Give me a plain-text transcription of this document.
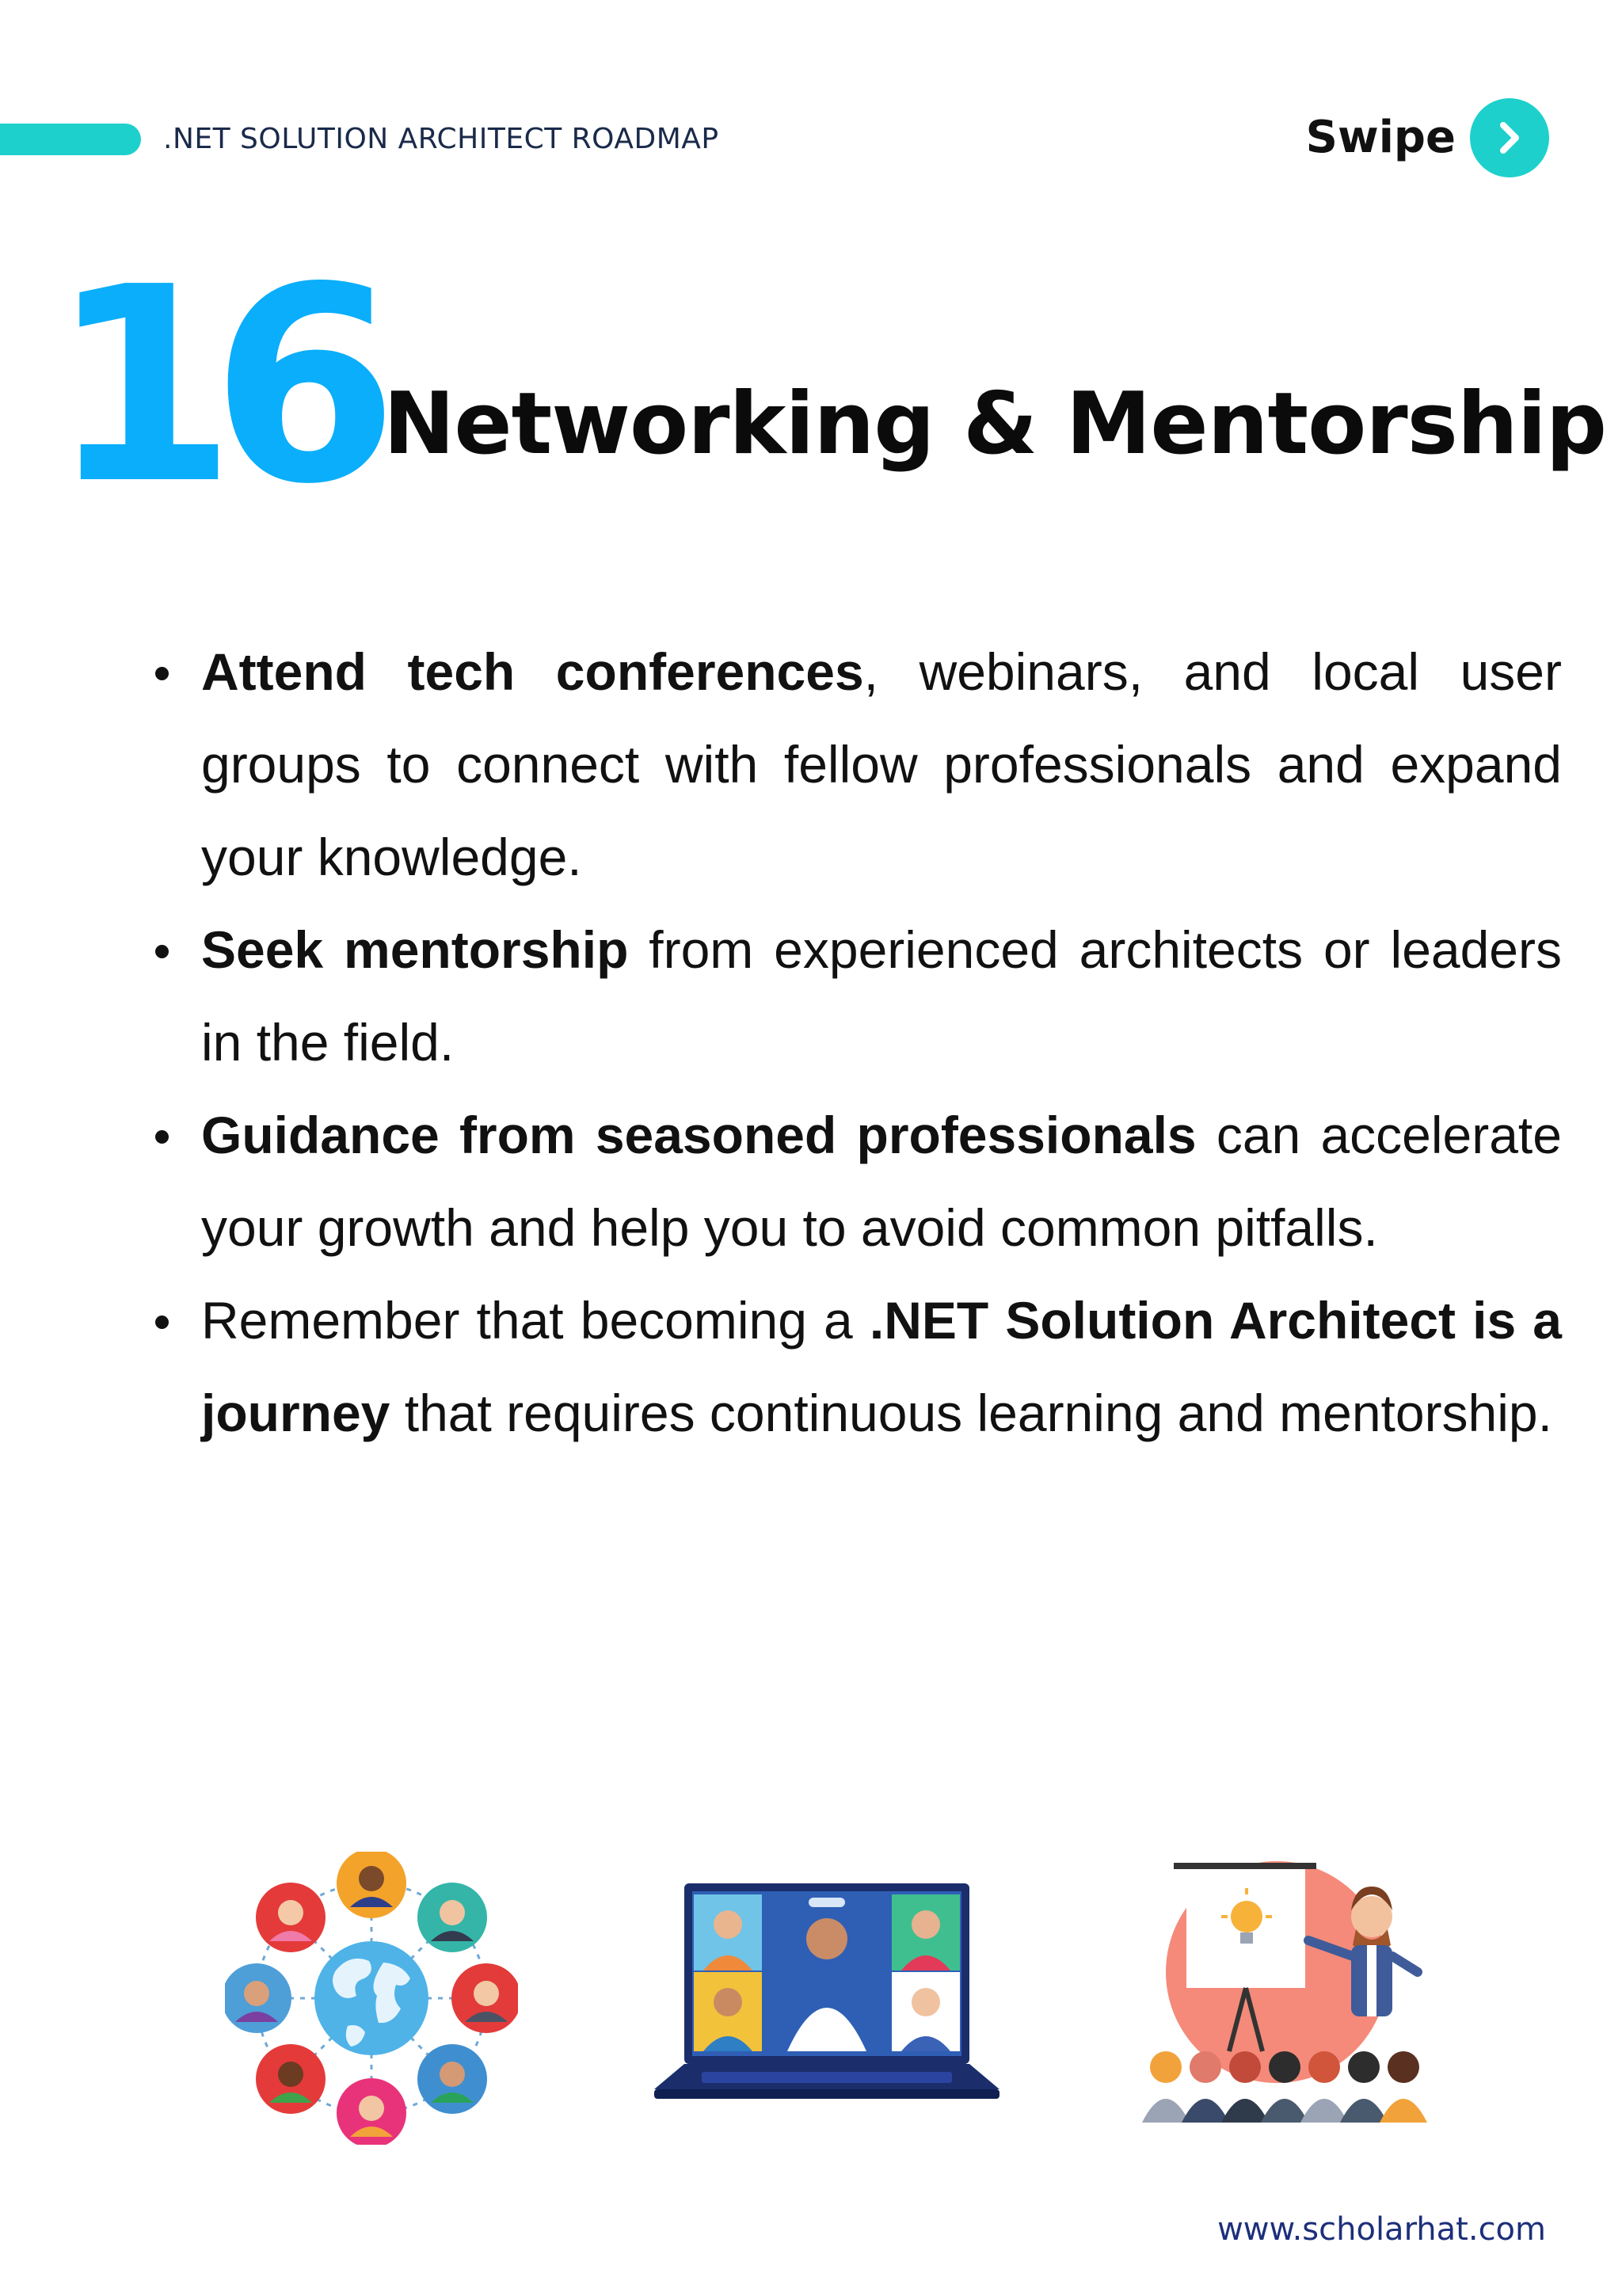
.NET SOLUTION ARCHITECT ROADMAP	Swipe
16 Networking & Mentorship
Attend tech conferences, webinars, and local user groups to connect with fellow professionals and expand your knowledge.
Seek mentorship from experienced architects or leaders in the field.
Guidance from seasoned professionals can accelerate your growth and help you to avoid common pitfalls.
Remember that becoming a .NET Solution Architect is a journey that requires continuous learning and mentorship.
www.scholarhat.com
